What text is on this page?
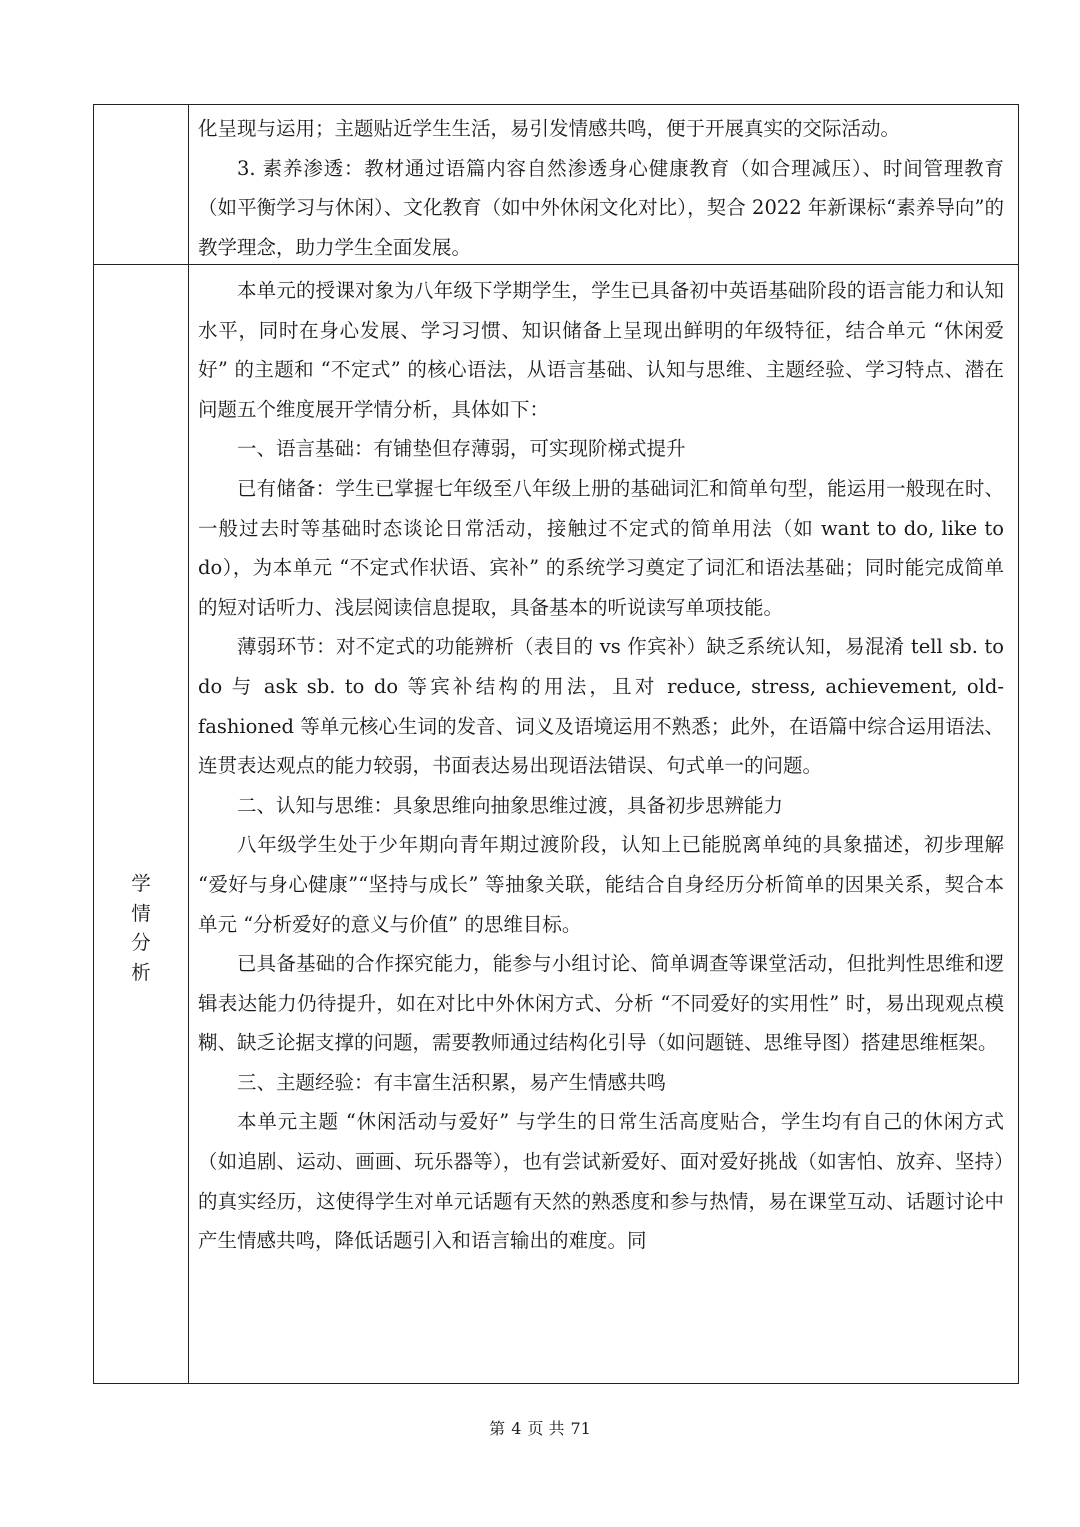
化呈现与运用；主题贴近学生生活，易引发情感共鸣，便于开展真实的交际活动。

3. 素养渗透：教材通过语篇内容自然渗透身心健康教育（如合理减压）、时间管理教育（如平衡学习与休闲）、文化教育（如中外休闲文化对比），契合 2022 年新课标“素养导向”的教学理念，助力学生全面发展。

学
情
分
析

本单元的授课对象为八年级下学期学生，学生已具备初中英语基础阶段的语言能力和认知水平，同时在身心发展、学习习惯、知识储备上呈现出鲜明的年级特征，结合单元 “休闲爱好” 的主题和 “不定式” 的核心语法，从语言基础、认知与思维、主题经验、学习特点、潜在问题五个维度展开学情分析，具体如下：

一、语言基础：有铺垫但存薄弱，可实现阶梯式提升

已有储备：学生已掌握七年级至八年级上册的基础词汇和简单句型，能运用一般现在时、一般过去时等基础时态谈论日常活动，接触过不定式的简单用法（如 want to do, like to do），为本单元 “不定式作状语、宾补” 的系统学习奠定了词汇和语法基础；同时能完成简单的短对话听力、浅层阅读信息提取，具备基本的听说读写单项技能。

薄弱环节：对不定式的功能辨析（表目的 vs 作宾补）缺乏系统认知，易混淆 tell sb. to do 与 ask sb. to do 等宾补结构的用法，且对 reduce, stress, achievement, old-fashioned 等单元核心生词的发音、词义及语境运用不熟悉；此外，在语篇中综合运用语法、连贯表达观点的能力较弱，书面表达易出现语法错误、句式单一的问题。

二、认知与思维：具象思维向抽象思维过渡，具备初步思辨能力

八年级学生处于少年期向青年期过渡阶段，认知上已能脱离单纯的具象描述，初步理解 “爱好与身心健康”“坚持与成长” 等抽象关联，能结合自身经历分析简单的因果关系，契合本单元 “分析爱好的意义与价值” 的思维目标。

已具备基础的合作探究能力，能参与小组讨论、简单调查等课堂活动，但批判性思维和逻辑表达能力仍待提升，如在对比中外休闲方式、分析 “不同爱好的实用性” 时，易出现观点模糊、缺乏论据支撑的问题，需要教师通过结构化引导（如问题链、思维导图）搭建思维框架。

三、主题经验：有丰富生活积累，易产生情感共鸣

本单元主题 “休闲活动与爱好” 与学生的日常生活高度贴合，学生均有自己的休闲方式（如追剧、运动、画画、玩乐器等），也有尝试新爱好、面对爱好挑战（如害怕、放弃、坚持）的真实经历，这使得学生对单元话题有天然的熟悉度和参与热情，易在课堂互动、话题讨论中产生情感共鸣，降低话题引入和语言输出的难度。同

第 4 页 共 71
